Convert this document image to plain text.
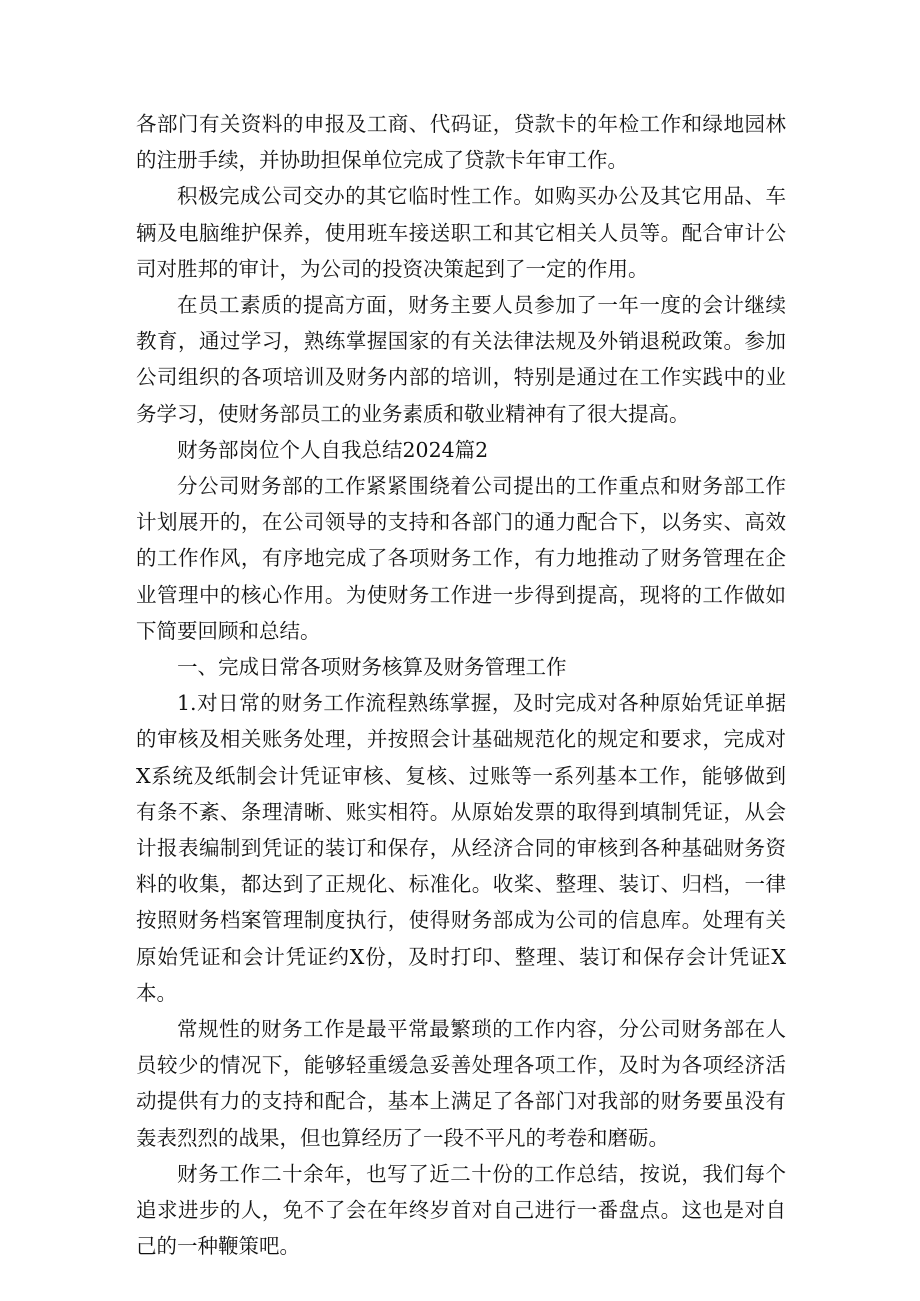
各部门有关资料的申报及工商、代码证，贷款卡的年检工作和绿地园林的注册手续，并协助担保单位完成了贷款卡年审工作。

积极完成公司交办的其它临时性工作。如购买办公及其它用品、车辆及电脑维护保养，使用班车接送职工和其它相关人员等。配合审计公司对胜邦的审计，为公司的投资决策起到了一定的作用。

在员工素质的提高方面，财务主要人员参加了一年一度的会计继续教育，通过学习，熟练掌握国家的有关法律法规及外销退税政策。参加公司组织的各项培训及财务内部的培训，特别是通过在工作实践中的业务学习，使财务部员工的业务素质和敬业精神有了很大提高。

财务部岗位个人自我总结2024篇2

分公司财务部的工作紧紧围绕着公司提出的工作重点和财务部工作计划展开的，在公司领导的支持和各部门的通力配合下，以务实、高效的工作作风，有序地完成了各项财务工作，有力地推动了财务管理在企业管理中的核心作用。为使财务工作进一步得到提高，现将的工作做如下简要回顾和总结。

一、完成日常各项财务核算及财务管理工作

1.对日常的财务工作流程熟练掌握，及时完成对各种原始凭证单据的审核及相关账务处理，并按照会计基础规范化的规定和要求，完成对X系统及纸制会计凭证审核、复核、过账等一系列基本工作，能够做到有条不紊、条理清晰、账实相符。从原始发票的取得到填制凭证，从会计报表编制到凭证的装订和保存，从经济合同的审核到各种基础财务资料的收集，都达到了正规化、标准化。收桨、整理、装订、归档，一律按照财务档案管理制度执行，使得财务部成为公司的信息库。处理有关原始凭证和会计凭证约X份，及时打印、整理、装订和保存会计凭证X本。

常规性的财务工作是最平常最繁琐的工作内容，分公司财务部在人员较少的情况下，能够轻重缓急妥善处理各项工作，及时为各项经济活动提供有力的支持和配合，基本上满足了各部门对我部的财务要虽没有轰表烈烈的战果，但也算经历了一段不平凡的考卷和磨砺。

财务工作二十余年，也写了近二十份的工作总结，按说，我们每个追求进步的人，免不了会在年终岁首对自己进行一番盘点。这也是对自己的一种鞭策吧。
